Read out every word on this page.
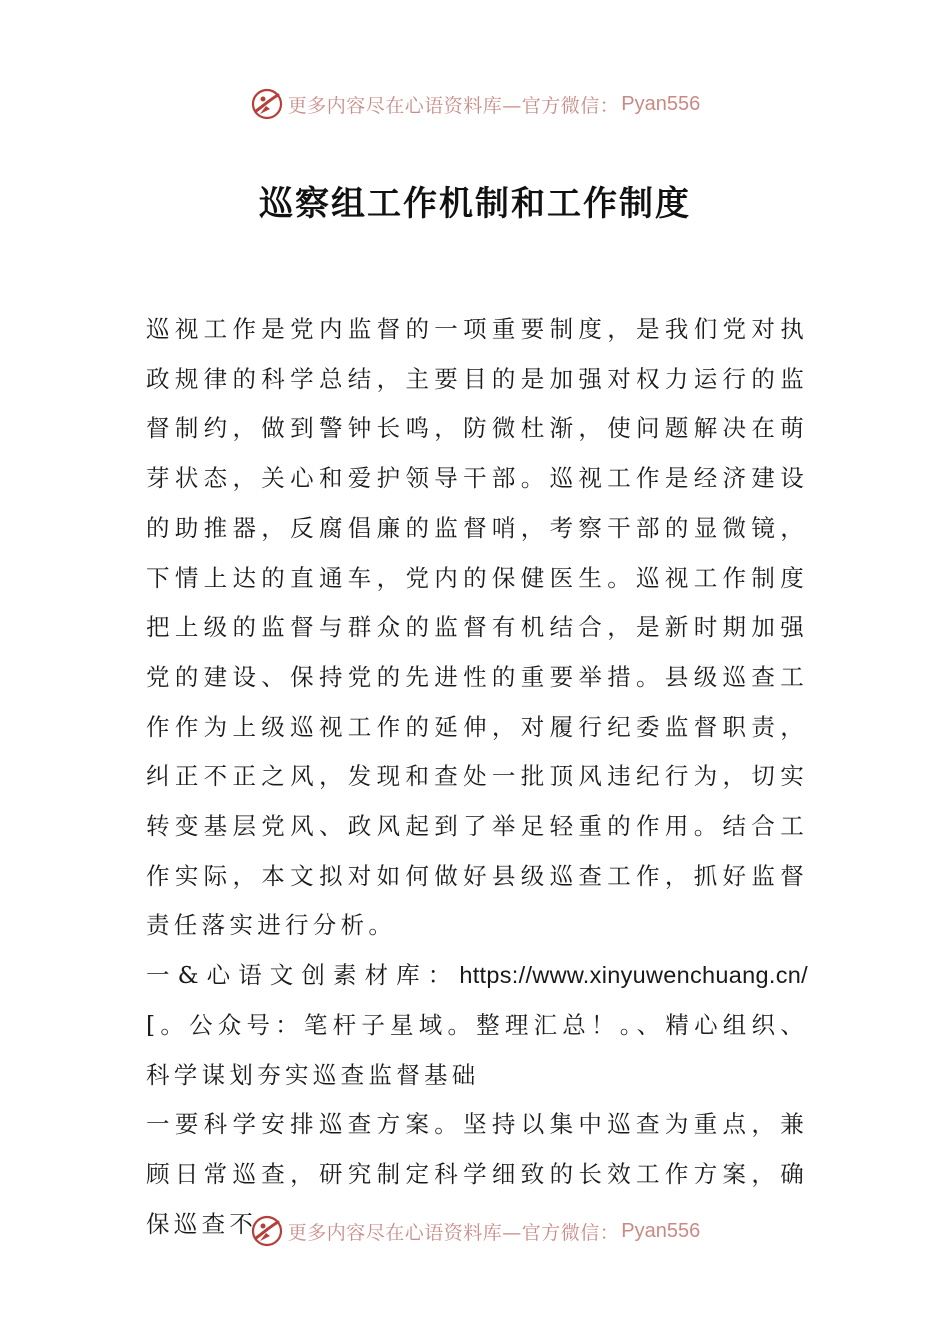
更多内容尽在心语资料库—官方微信： Pyan556
巡察组工作机制和工作制度

巡视工作是党内监督的一项重要制度，是我们党对执政规律的科学总结，主要目的是加强对权力运行的监督制约，做到警钟长鸣，防微杜渐，使问题解决在萌芽状态，关心和爱护领导干部。巡视工作是经济建设的助推器，反腐倡廉的监督哨，考察干部的显微镜，下情上达的直通车，党内的保健医生。巡视工作制度把上级的监督与群众的监督有机结合，是新时期加强党的建设、保持党的先进性的重要举措。县级巡查工作作为上级巡视工作的延伸，对履行纪委监督职责，纠正不正之风，发现和查处一批顶风违纪行为，切实转变基层党风、政风起到了举足轻重的作用。结合工作实际，本文拟对如何做好县级巡查工作，抓好监督责任落实进行分析。

一&心语文创素材库：https://www.xinyuwenchuang.cn/[。公众号：笔杆子星域。整理汇总！。、精心组织、科学谋划夯实巡查监督基础

一要科学安排巡查方案。坚持以集中巡查为重点，兼顾日常巡查，研究制定科学细致的长效工作方案，确保巡查不	更多内容尽在心语资料库—官方微信： Pyan556
